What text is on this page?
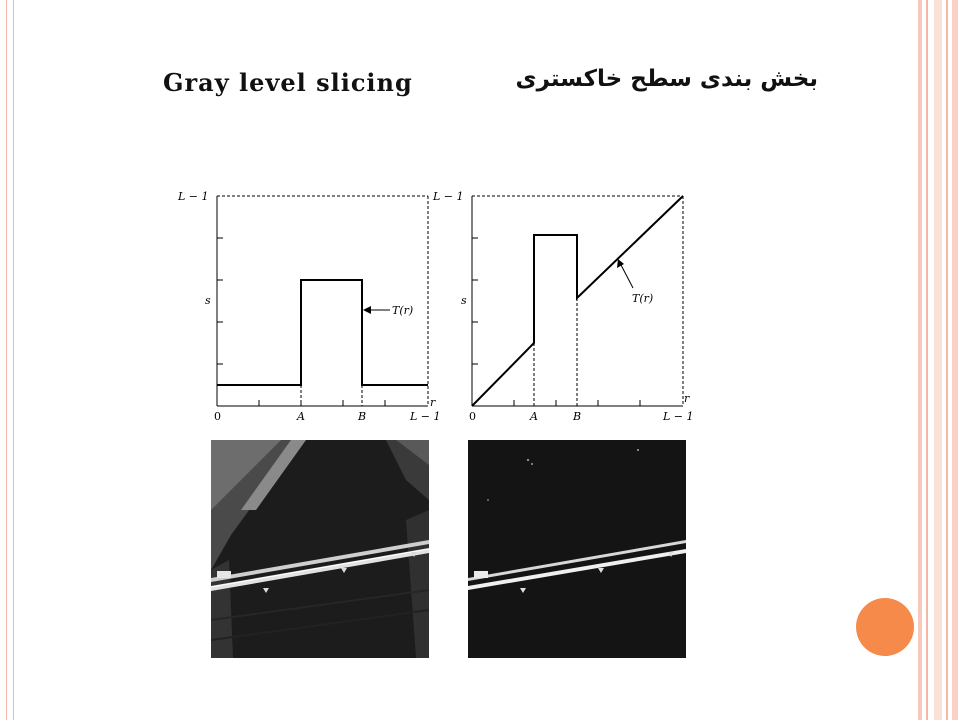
Gray level slicing	بخش بندی سطح خاکستری
T(r)
L − 1
s
0	A	B	L − 1
r
T(r)
L − 1
s
0	A	B	L − 1
r
